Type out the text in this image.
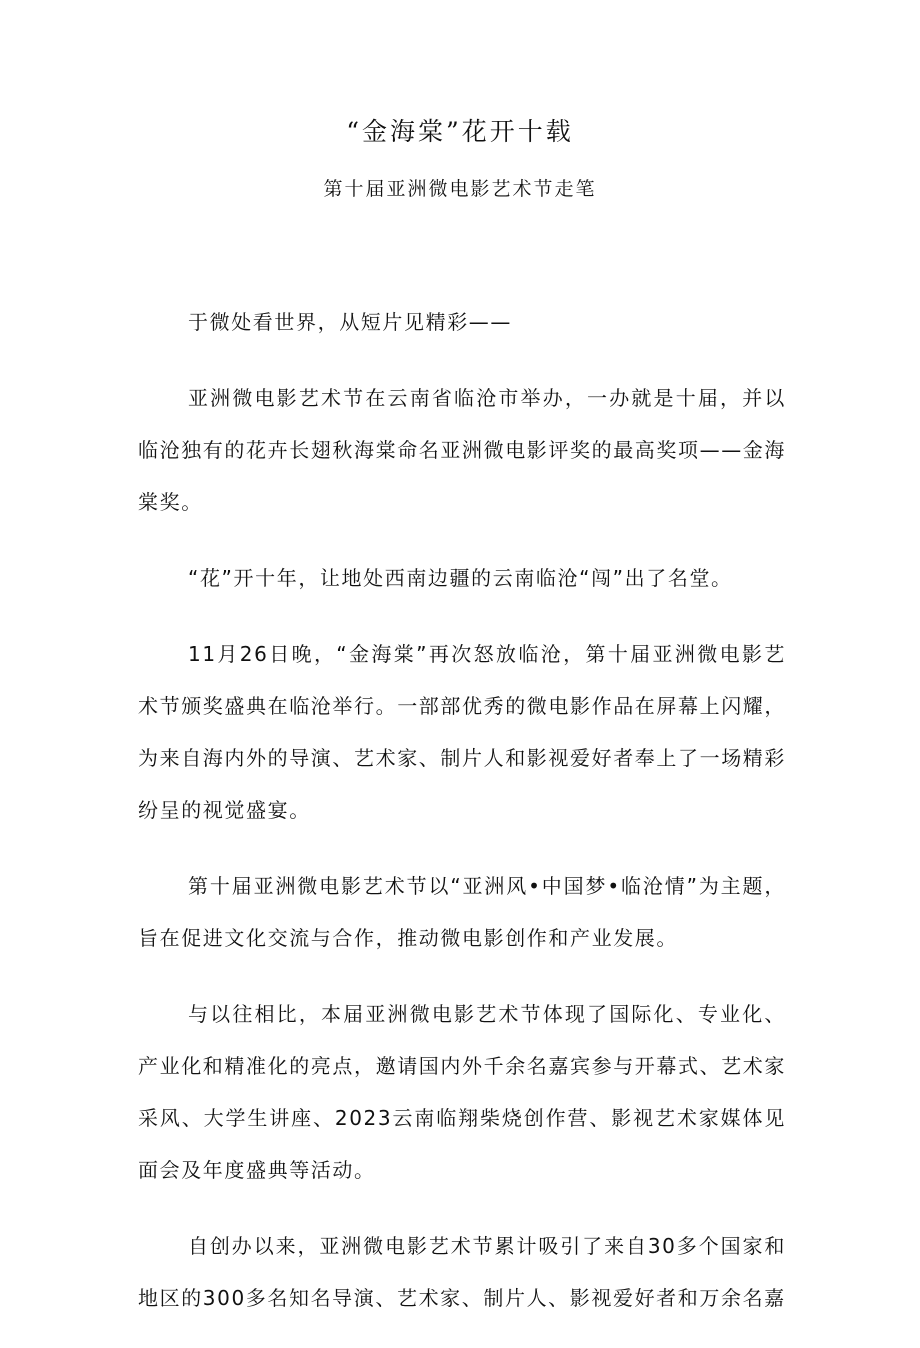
“金海棠”花开十载
第十届亚洲微电影艺术节走笔

于微处看世界，从短片见精彩——

亚洲微电影艺术节在云南省临沧市举办，一办就是十届，并以临沧独有的花卉长翅秋海棠命名亚洲微电影评奖的最高奖项——金海棠奖。

“花”开十年，让地处西南边疆的云南临沧“闯”出了名堂。

11月26日晚，“金海棠”再次怒放临沧，第十届亚洲微电影艺术节颁奖盛典在临沧举行。一部部优秀的微电影作品在屏幕上闪耀，为来自海内外的导演、艺术家、制片人和影视爱好者奉上了一场精彩纷呈的视觉盛宴。

第十届亚洲微电影艺术节以“亚洲风•中国梦•临沧情”为主题，旨在促进文化交流与合作，推动微电影创作和产业发展。

与以往相比，本届亚洲微电影艺术节体现了国际化、专业化、产业化和精准化的亮点，邀请国内外千余名嘉宾参与开幕式、艺术家采风、大学生讲座、2023云南临翔柴烧创作营、影视艺术家媒体见面会及年度盛典等活动。

自创办以来，亚洲微电影艺术节累计吸引了来自30多个国家和地区的300多名知名导演、艺术家、制片人、影视爱好者和万余名嘉
